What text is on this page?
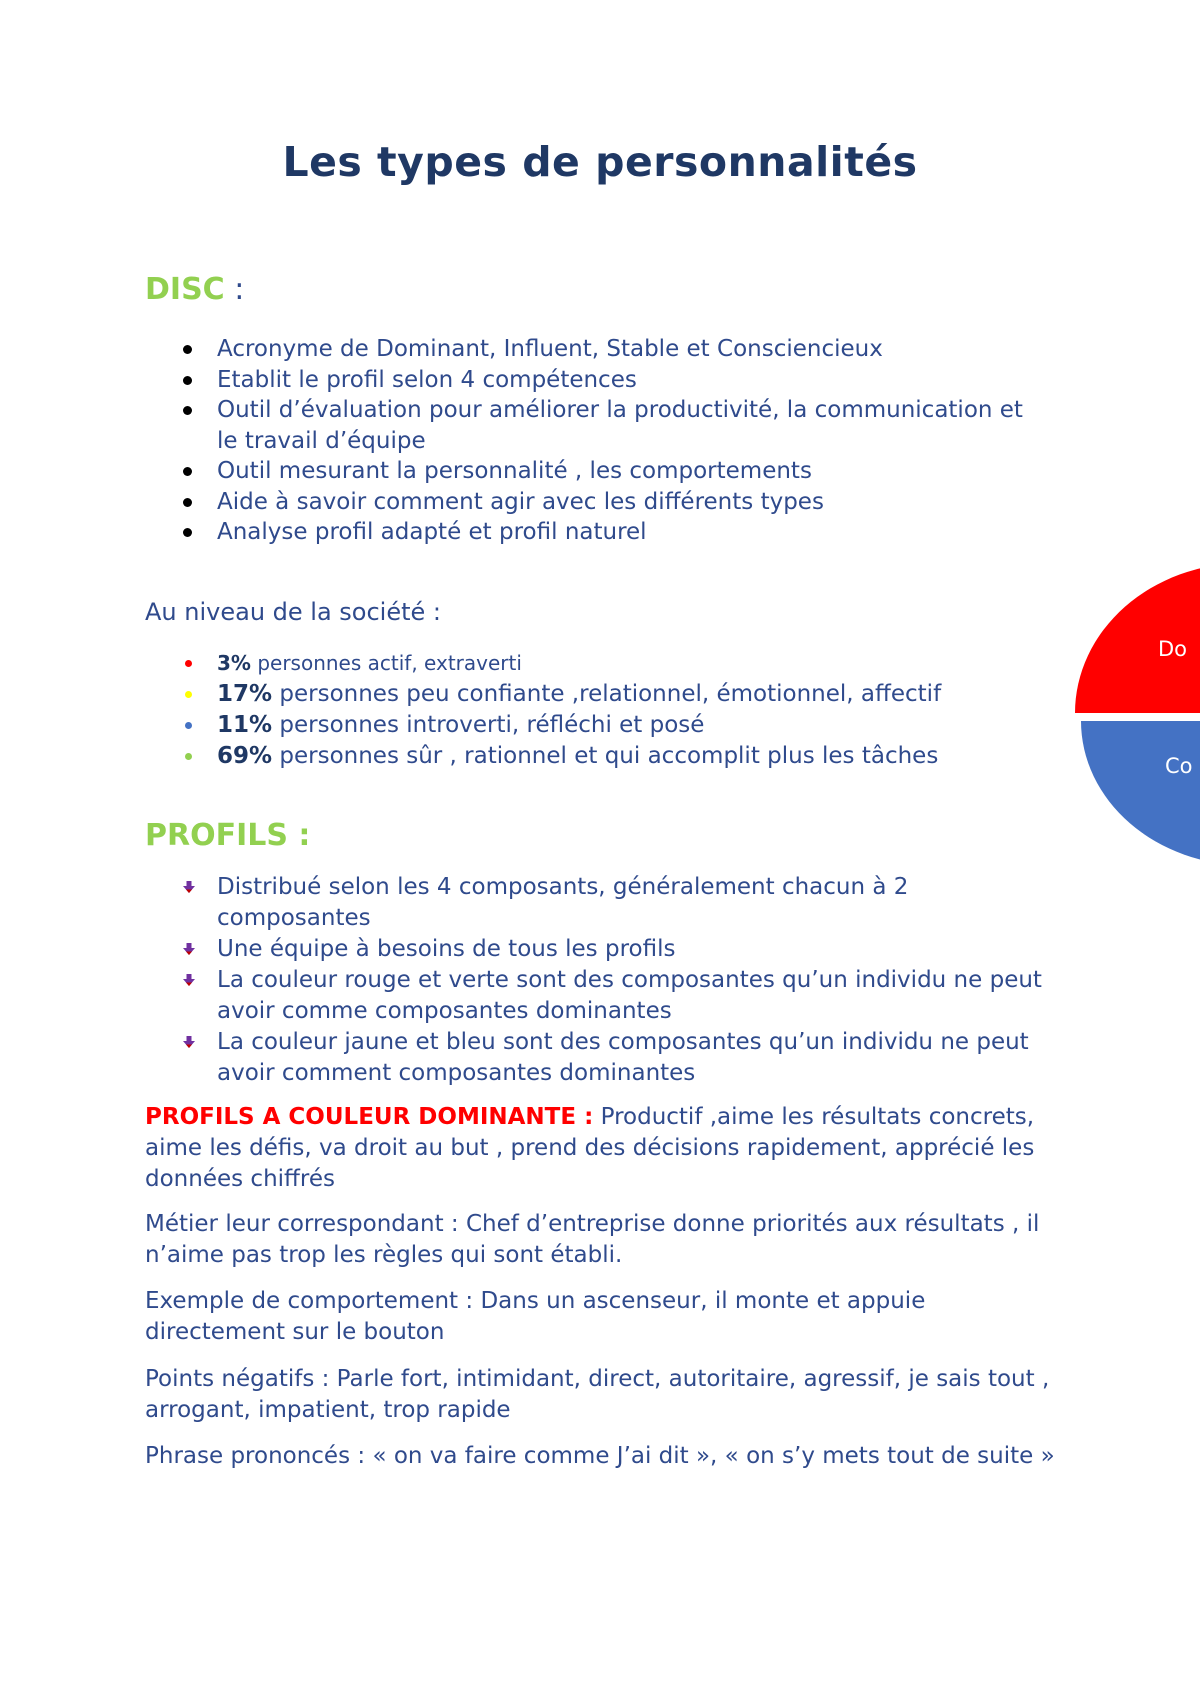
Les types de personnalités
DISC :
Acronyme de Dominant, Influent, Stable et Consciencieux
Etablit le profil selon 4 compétences
Outil d’évaluation pour améliorer la productivité, la communication et le travail d’équipe
Outil mesurant la personnalité , les comportements
Aide à savoir comment agir avec les différents types
Analyse profil adapté et profil naturel

Au niveau de la société :

3% personnes actif, extraverti
17% personnes peu confiante ,relationnel, émotionnel, affectif
11% personnes introverti, réfléchi et posé
69% personnes sûr , rationnel et qui accomplit plus les tâches
PROFILS :
Distribué selon les 4 composants, généralement chacun à 2 composantes
Une équipe à besoins de tous les profils
La couleur rouge et verte sont des composantes qu’un individu ne peut avoir comme composantes dominantes
La couleur jaune et bleu sont des composantes qu’un individu ne peut avoir comment composantes dominantes

PROFILS A COULEUR DOMINANTE : Productif ,aime les résultats concrets, aime les défis, va droit au but , prend des décisions rapidement, apprécié les données chiffrés

Métier leur correspondant : Chef d’entreprise donne priorités aux résultats , il n’aime pas trop les règles qui sont établi.

Exemple de comportement : Dans un ascenseur, il monte et appuie directement sur le bouton

Points négatifs : Parle fort, intimidant, direct, autoritaire, agressif, je sais tout , arrogant, impatient, trop rapide

Phrase prononcés : « on va faire comme J’ai dit », « on s’y mets tout de suite »

Do
Co
